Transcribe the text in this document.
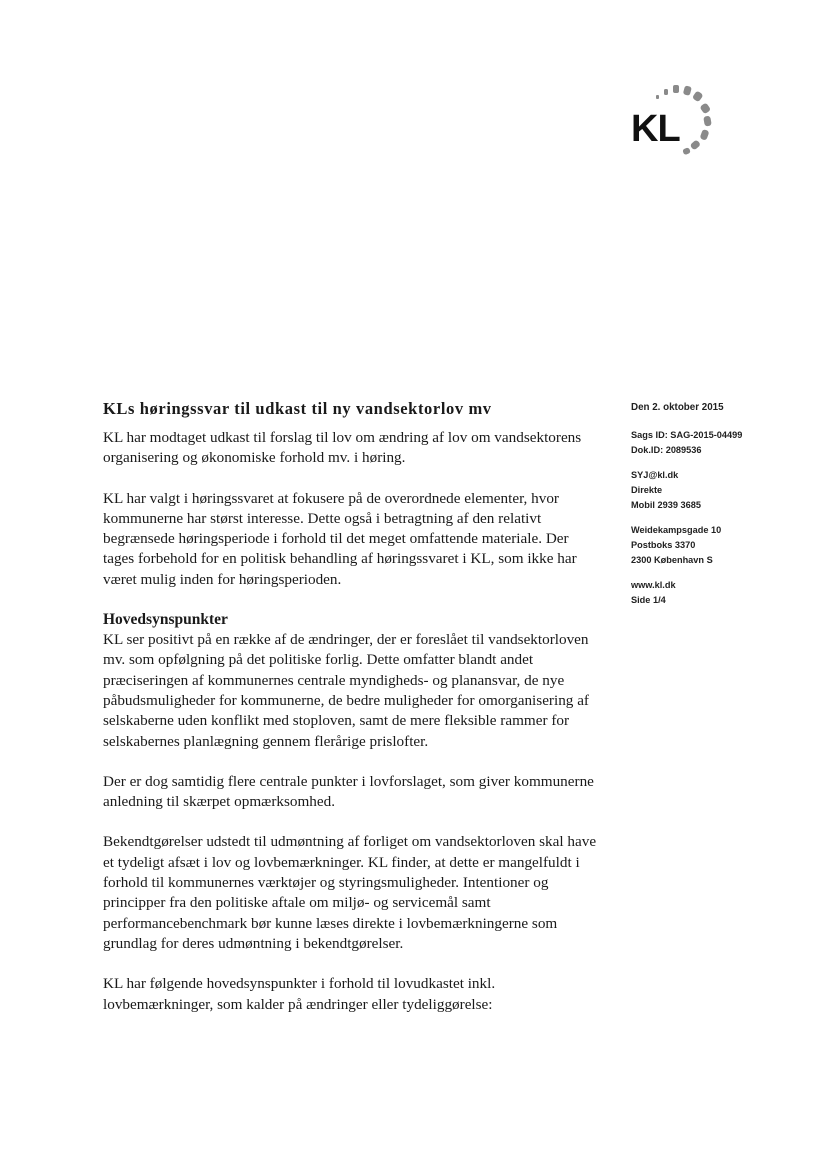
KL
KLs høringssvar til udkast til ny vandsektorlov mv

KL har modtaget udkast til forslag til lov om ændring af lov om vandsektorens organisering og økonomiske forhold mv. i høring.

KL har valgt i høringssvaret at fokusere på de overordnede elementer, hvor kommunerne har størst interesse. Dette også i betragtning af den relativt begrænsede høringsperiode i forhold til det meget omfattende materiale. Der tages forbehold for en politisk behandling af høringssvaret i KL, som ikke har været mulig inden for høringsperioden.

Hovedsynspunkter

KL ser positivt på en række af de ændringer, der er foreslået til vandsektorloven mv. som opfølgning på det politiske forlig. Dette omfatter blandt andet præciseringen af kommunernes centrale myndigheds- og planansvar, de nye påbudsmuligheder for kommunerne, de bedre muligheder for omorganisering af selskaberne uden konflikt med stoploven, samt de mere fleksible rammer for selskabernes planlægning gennem flerårige prislofter.

Der er dog samtidig flere centrale punkter i lovforslaget, som giver kommunerne anledning til skærpet opmærksomhed.

Bekendtgørelser udstedt til udmøntning af forliget om vandsektorloven skal have et tydeligt afsæt i lov og lovbemærkninger. KL finder, at dette er mangelfuldt i forhold til kommunernes værktøjer og styringsmuligheder. Intentioner og principper fra den politiske aftale om miljø- og servicemål samt performancebenchmark bør kunne læses direkte i lovbemærkningerne som grundlag for deres udmøntning i bekendtgørelser.

KL har følgende hovedsynspunkter i forhold til lovudkastet inkl. lovbemærkninger, som kalder på ændringer eller tydeliggørelse:

Den 2. oktober 2015
Sags ID: SAG-2015-04499
Dok.ID: 2089536
SYJ@kl.dk
Direkte
Mobil 2939 3685
Weidekampsgade 10
Postboks 3370
2300 København S
www.kl.dk
Side 1/4
